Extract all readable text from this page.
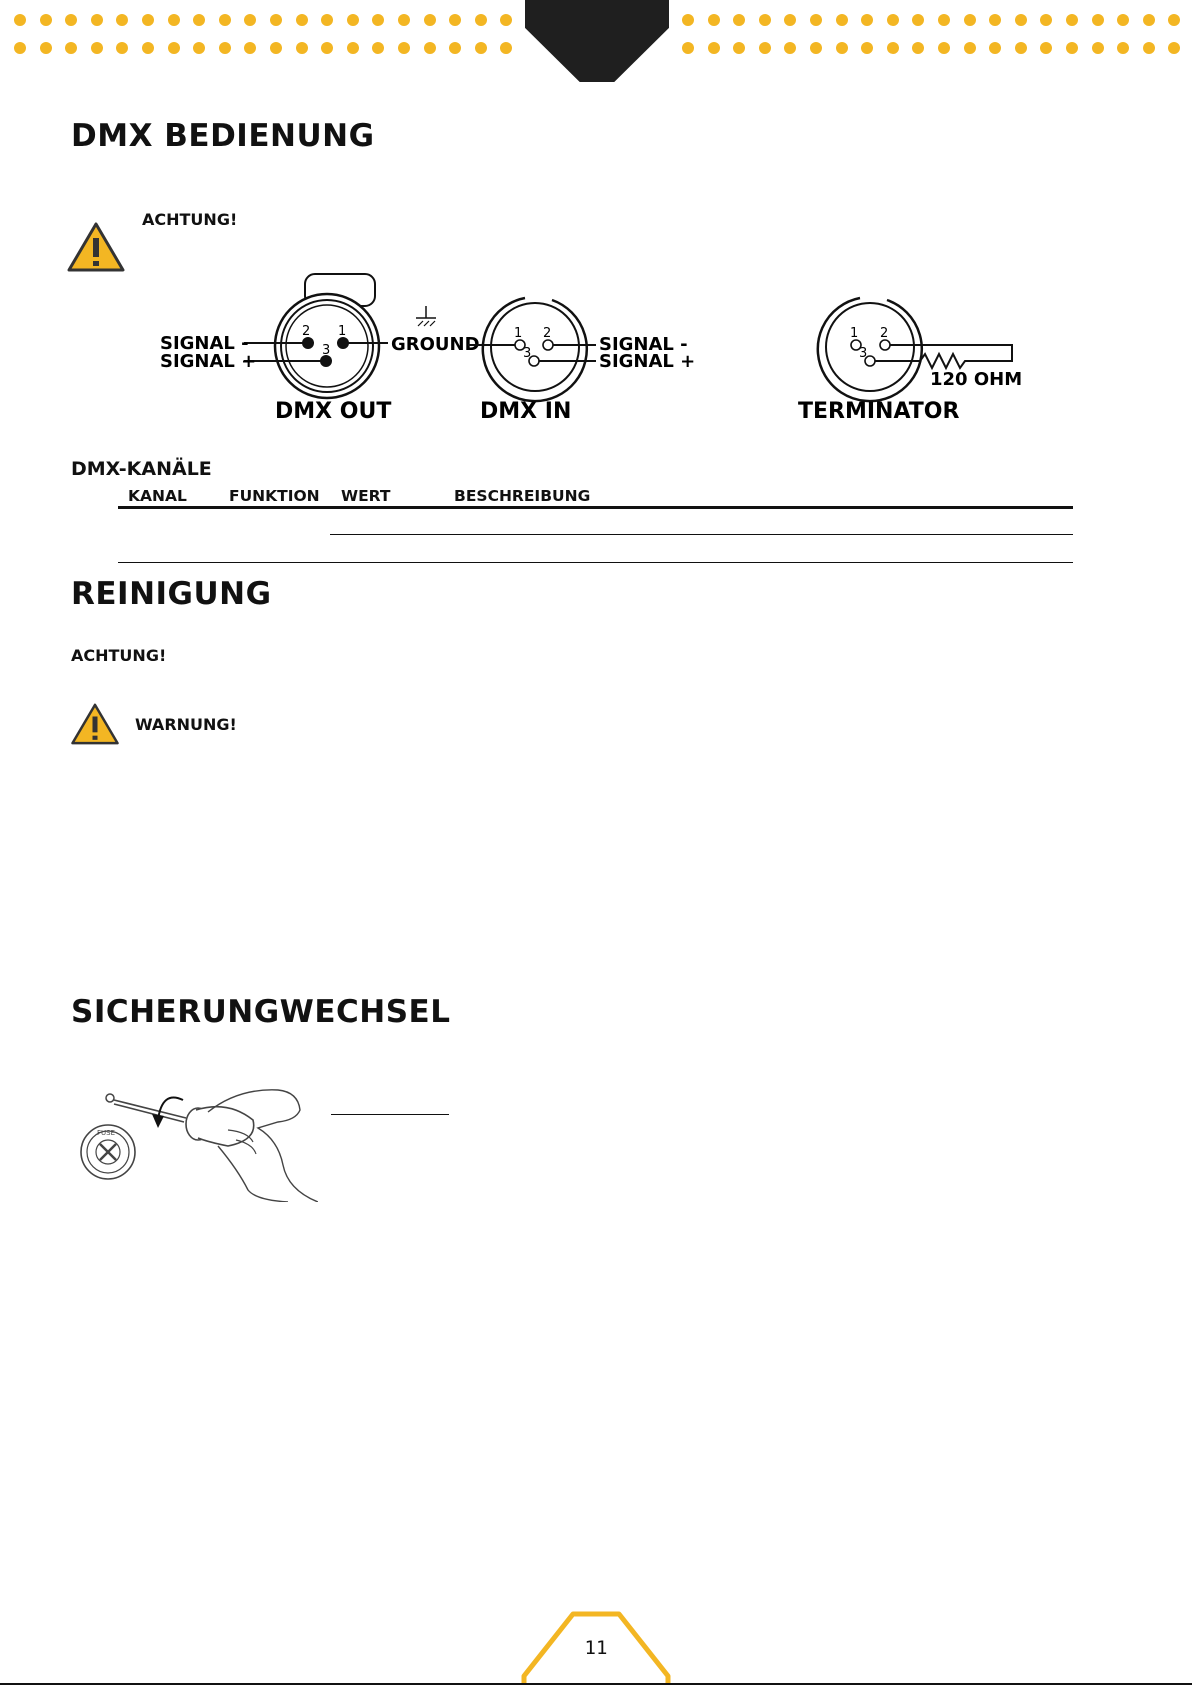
DMX BEDIENUNG
ACHTUNG!
2 1
3
SIGNAL -
SIGNAL +
GROUND
1 2
3	SIGNAL -
SIGNAL +
1 2
3
120 OHM
DMX OUT	DMX IN	TERMINATOR
DMX-KANÄLE
KANAL	FUNKTION WERT	BESCHREIBUNG
REINIGUNG
ACHTUNG!
WARNUNG!
SICHERUNGWECHSEL
FUSE
11
